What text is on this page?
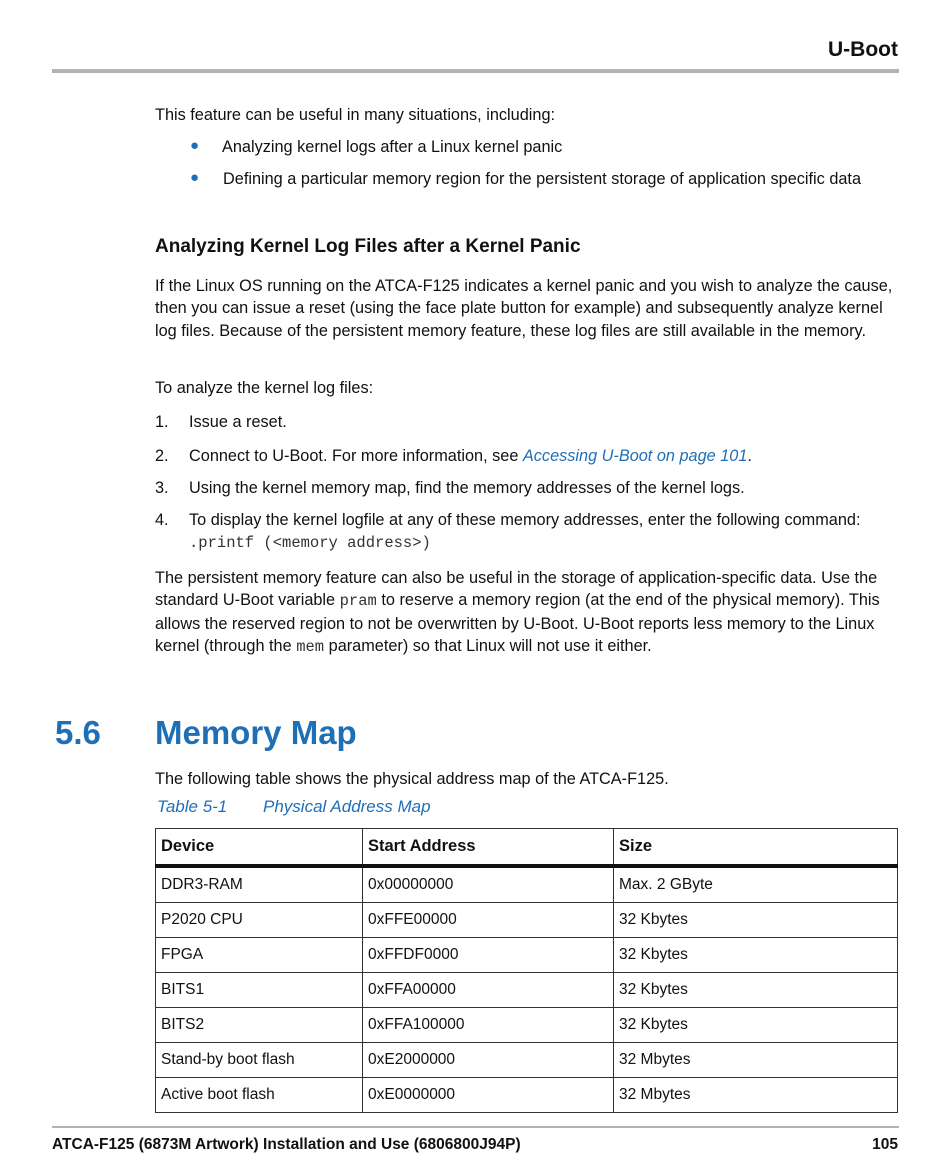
U-Boot
This feature can be useful in many situations, including:
● Analyzing kernel logs after a Linux kernel panic
● Defining a particular memory region for the persistent storage of application specific data
Analyzing Kernel Log Files after a Kernel Panic
If the Linux OS running on the ATCA-F125 indicates a kernel panic and you wish to analyze the cause, then you can issue a reset (using the face plate button for example) and subsequently analyze kernel log files. Because of the persistent memory feature, these log files are still available in the memory.
To analyze the kernel log files:
1. Issue a reset.
2. Connect to U-Boot. For more information, see Accessing U-Boot on page 101.
3. Using the kernel memory map, find the memory addresses of the kernel logs.
4. To display the kernel logfile at any of these memory addresses, enter the following command: .printf (<memory address>)
The persistent memory feature can also be useful in the storage of application-specific data. Use the standard U-Boot variable pram to reserve a memory region (at the end of the physical memory). This allows the reserved region to not be overwritten by U-Boot. U-Boot reports less memory to the Linux kernel (through the mem parameter) so that Linux will not use it either.
5.6 Memory Map
The following table shows the physical address map of the ATCA-F125.
Table 5-1 Physical Address Map
Device	Start Address	Size
DDR3-RAM	0x00000000	Max. 2 GByte
P2020 CPU	0xFFE00000	32 Kbytes
FPGA	0xFFDF0000	32 Kbytes
BITS1	0xFFA00000	32 Kbytes
BITS2	0xFFA100000	32 Kbytes
Stand-by boot flash	0xE2000000	32 Mbytes
Active boot flash	0xE0000000	32 Mbytes
ATCA-F125 (6873M Artwork) Installation and Use (6806800J94P)	105
